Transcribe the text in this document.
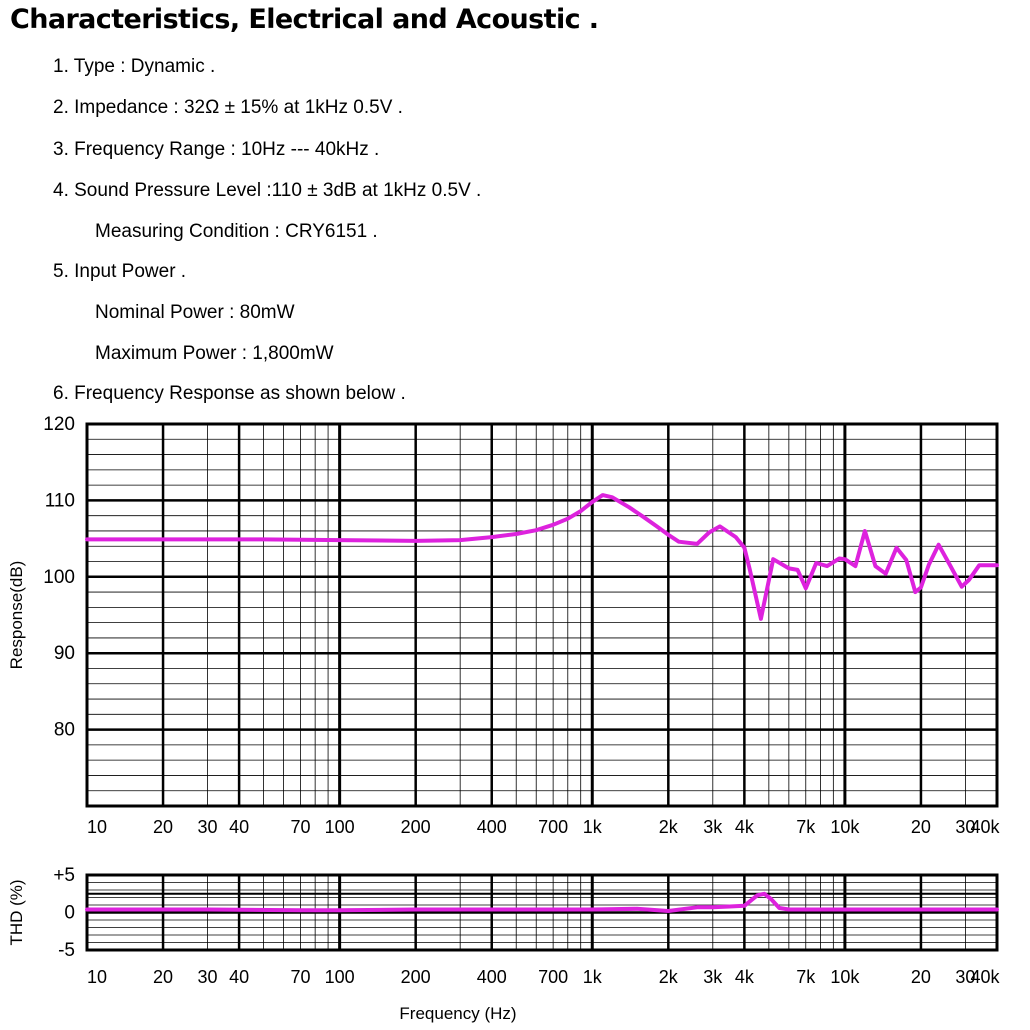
Characteristics, Electrical and Acoustic .
1. Type : Dynamic .
2. Impedance : 32Ω ± 15% at 1kHz 0.5V .
3. Frequency Range : 10Hz --- 40kHz .
4. Sound Pressure Level :110 ± 3dB at 1kHz 0.5V .
Measuring Condition : CRY6151 .
5. Input Power .
Nominal Power : 80mW
Maximum Power : 1,800mW
6. Frequency Response as shown below .
10	20 30 40 70 100	200	400 700 1k	2k 3k 4k 7k 10k	20 30
40k
120
110
100
90
80
Response(dB)
10	20 30 40 70 100	200	400 700 1k	2k 3k 4k 7k 10k	20 30
40k
+5
0
-5
THD (%)
Frequency (Hz)
